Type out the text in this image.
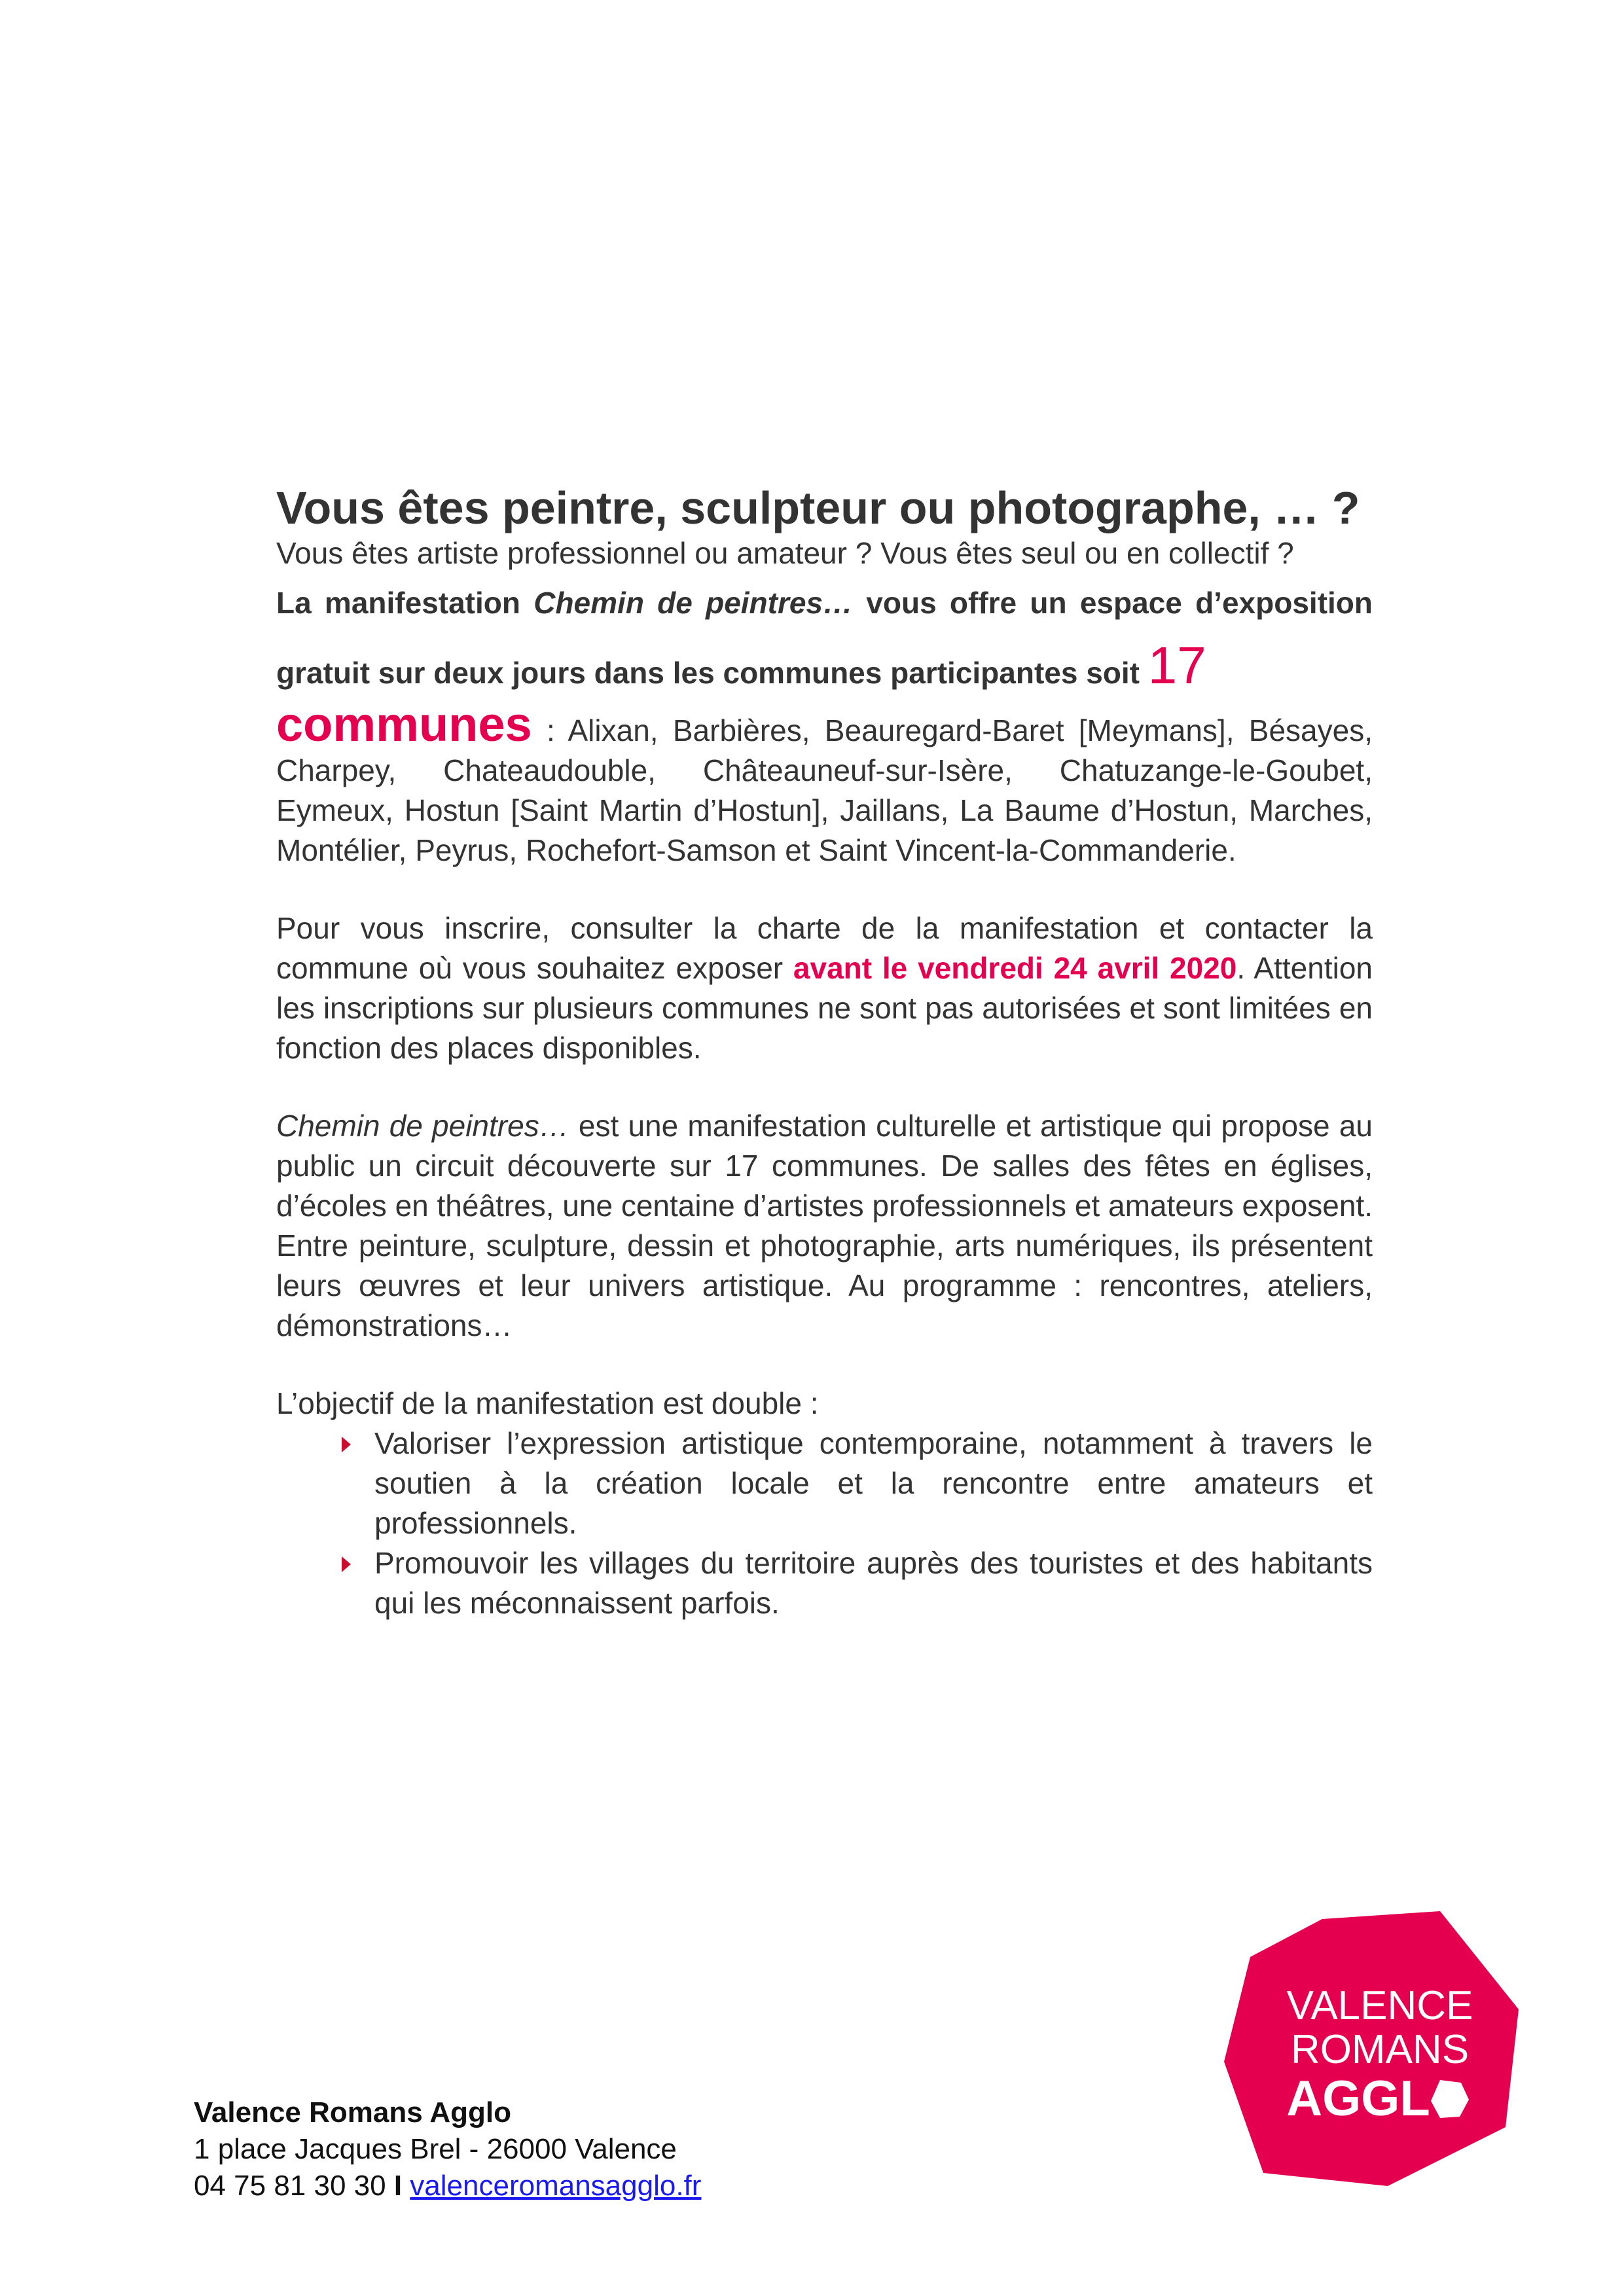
Vous êtes peintre, sculpteur ou photographe, … ?

Vous êtes artiste professionnel ou amateur ? Vous êtes seul ou en collectif ?

La manifestation Chemin de peintres… vous offre un espace d’exposition gratuit sur deux jours dans les communes participantes soit 17

communes : Alixan, Barbières, Beauregard-Baret [Meymans], Bésayes, Charpey, Chateaudouble, Châteauneuf-sur-Isère, Chatuzange-le-Goubet, Eymeux, Hostun [Saint Martin d’Hostun], Jaillans, La Baume d’Hostun, Marches, Montélier, Peyrus, Rochefort-Samson et Saint Vincent-la-Commanderie.

Pour vous inscrire, consulter la charte de la manifestation et contacter la commune où vous souhaitez exposer avant le vendredi 24 avril 2020. Attention les inscriptions sur plusieurs communes ne sont pas autorisées et sont limitées en fonction des places disponibles.

Chemin de peintres… est une manifestation culturelle et artistique qui propose au public un circuit découverte sur 17 communes. De salles des fêtes en églises, d’écoles en théâtres, une centaine d’artistes professionnels et amateurs exposent. Entre peinture, sculpture, dessin et photographie, arts numériques, ils présentent leurs œuvres et leur univers artistique. Au programme : rencontres, ateliers, démonstrations…

L’objectif de la manifestation est double :

Valoriser l’expression artistique contemporaine, notamment à travers le soutien à la création locale et la rencontre entre amateurs et professionnels.
Promouvoir les villages du territoire auprès des touristes et des habitants qui les méconnaissent parfois.
Valence Romans Agglo
1 place Jacques Brel - 26000 Valence
04 75 81 30 30 I valenceromansagglo.fr
VALENCE
ROMANS
AGGL
